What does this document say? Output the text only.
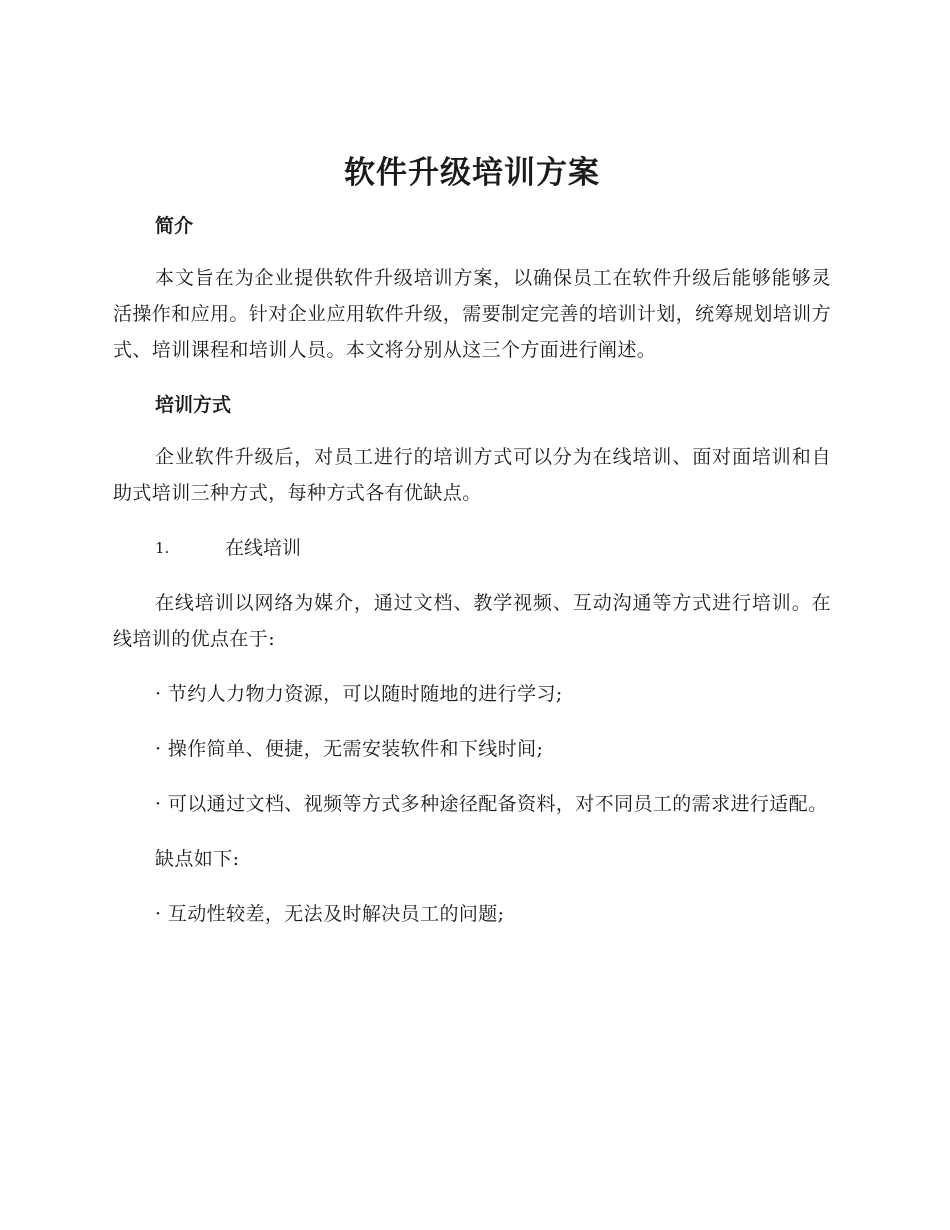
软件升级培训方案
简介

本文旨在为企业提供软件升级培训方案，以确保员工在软件升级后能够能够灵活操作和应用。针对企业应用软件升级，需要制定完善的培训计划，统筹规划培训方式、培训课程和培训人员。本文将分别从这三个方面进行阐述。

培训方式

企业软件升级后，对员工进行的培训方式可以分为在线培训、面对面培训和自助式培训三种方式，每种方式各有优缺点。

1.	在线培训

在线培训以网络为媒介，通过文档、教学视频、互动沟通等方式进行培训。在线培训的优点在于:

· 节约人力物力资源，可以随时随地的进行学习;

· 操作简单、便捷，无需安装软件和下线时间;

· 可以通过文档、视频等方式多种途径配备资料，对不同员工的需求进行适配。

缺点如下:

· 互动性较差，无法及时解决员工的问题;
